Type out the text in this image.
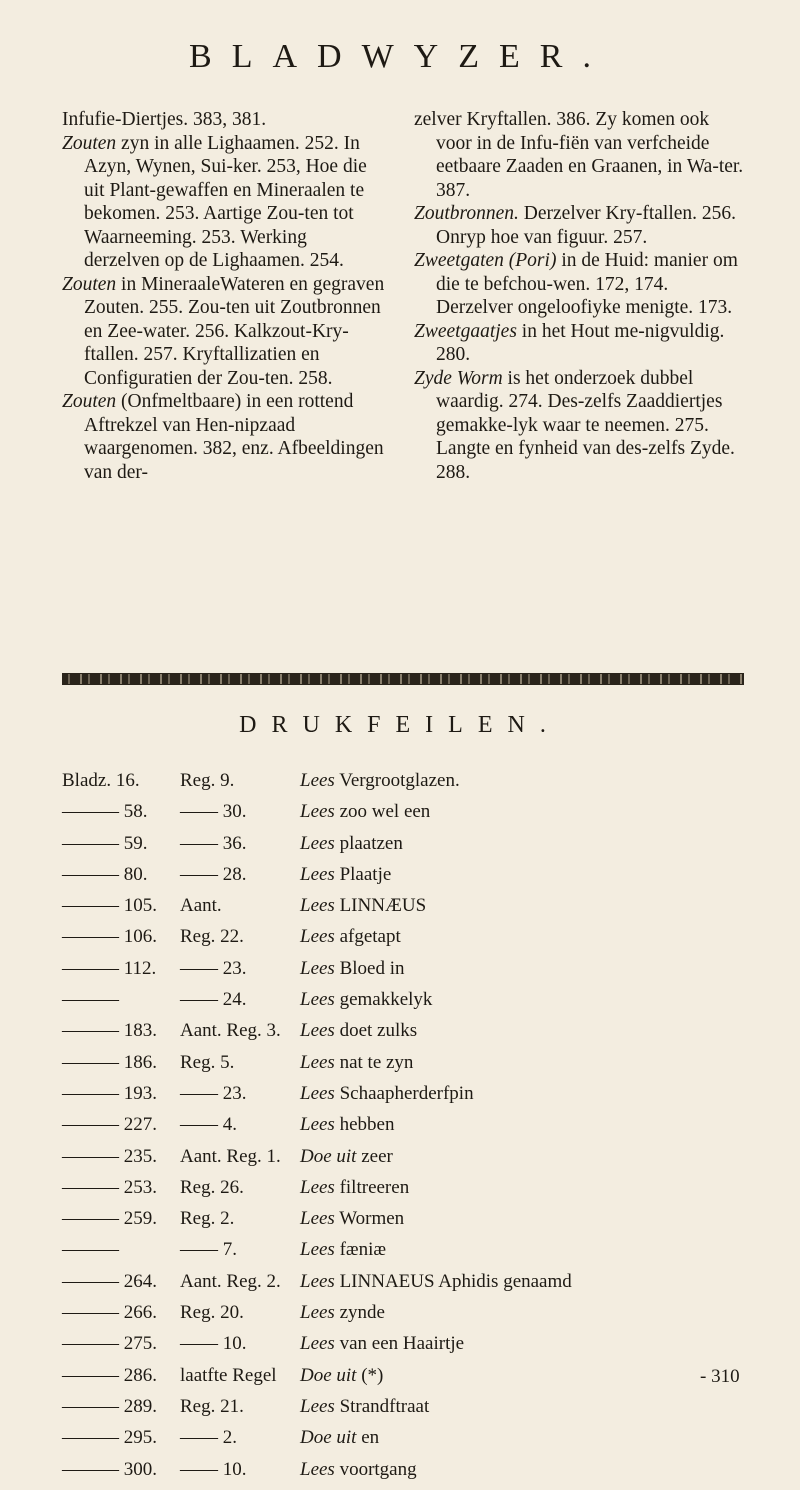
BLADWYZER.

Infufie-Diertjes. 383, 381.

Zouten zyn in alle Lighaamen. 252. In Azyn, Wynen, Sui-ker. 253, Hoe die uit Plant-gewaffen en Mineraalen te bekomen. 253. Aartige Zou-ten tot Waarneeming. 253. Werking derzelven op de Lighaamen. 254.

Zouten in MineraaleWateren en gegraven Zouten. 255. Zou-ten uit Zoutbronnen en Zee-water. 256. Kalkzout-Kry-ftallen. 257. Kryftallizatien en Configuratien der Zou-ten. 258.

Zouten (Onfmeltbaare) in een rottend Aftrekzel van Hen-nipzaad waargenomen. 382, enz. Afbeeldingen van der-

zelver Kryftallen. 386. Zy komen ook voor in de Infu-fiën van verfcheide eetbaare Zaaden en Graanen, in Wa-ter. 387.

Zoutbronnen. Derzelver Kry-ftallen. 256. Onryp hoe van figuur. 257.

Zweetgaten (Pori) in de Huid: manier om die te befchou-wen. 172, 174. Derzelver ongeloofiyke menigte. 173.

Zweetgaatjes in het Hout me-nigvuldig. 280.

Zyde Worm is het onderzoek dubbel waardig. 274. Des-zelfs Zaaddiertjes gemakke-lyk waar te neemen. 275. Langte en fynheid van des-zelfs Zyde. 288.

DRUKFEILEN.
Bladz. 16.	Reg. 9.	Lees Vergrootglazen.
——— 58.	—— 30.	Lees zoo wel een
——— 59.	—— 36.	Lees plaatzen
——— 80.	—— 28.	Lees Plaatje
——— 105.	Aant.	Lees LINNÆUS
——— 106.	Reg. 22.	Lees afgetapt
——— 112.	—— 23.	Lees Bloed in
———	—— 24.	Lees gemakkelyk
——— 183.	Aant. Reg. 3.	Lees doet zulks
——— 186.	Reg. 5.	Lees nat te zyn
——— 193.	—— 23.	Lees Schaapherderfpin
——— 227.	—— 4.	Lees hebben
——— 235.	Aant. Reg. 1.	Doe uit zeer
——— 253.	Reg. 26.	Lees filtreeren
——— 259.	Reg. 2.	Lees Wormen
———	—— 7.	Lees fæniæ
——— 264.	Aant. Reg. 2.	Lees LINNAEUS Aphidis genaamd
——— 266.	Reg. 20.	Lees zynde
——— 275.	—— 10.	Lees van een Haairtje
——— 286.	laatfte Regel	Doe uit (*)
——— 289.	Reg. 21.	Lees Strandftraat
——— 295.	—— 2.	Doe uit en
——— 300.	—— 10.	Lees voortgang
- 310
